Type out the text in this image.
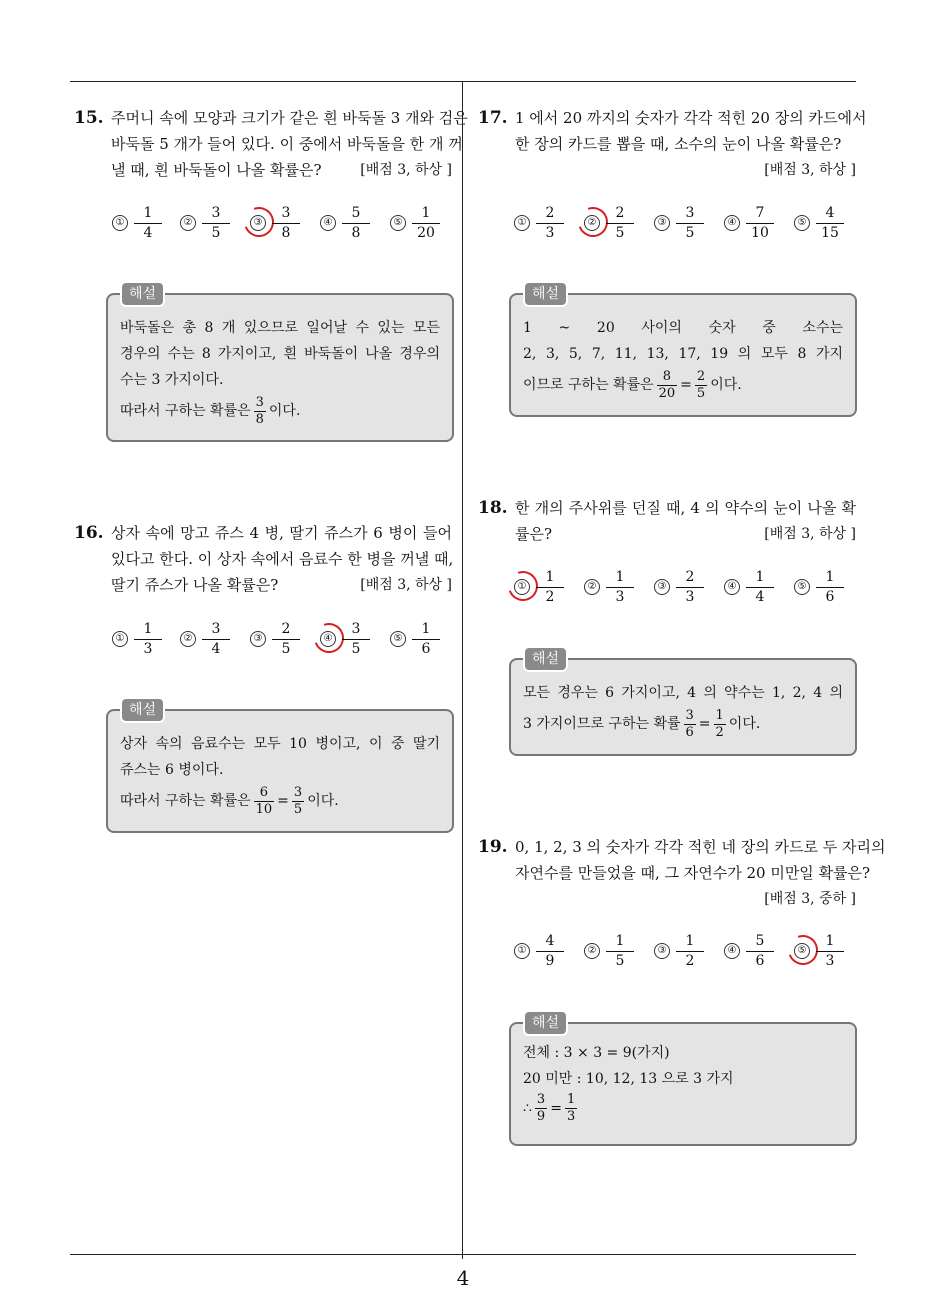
15. 주머니 속에 모양과 크기가 같은 흰 바둑돌 3 개와 검은
바둑돌 5 개가 들어 있다. 이 중에서 바둑돌을 한 개 꺼
낼 때, 흰 바둑돌이 나올 확률은?	[배점 3, 하상 ]
① $\frac{1}{4}$	② $\frac{3}{5}$	③ $\frac{3}{8}$	④ $\frac{5}{8}$	⑤ $\frac{1}{20}$
해설
바둑돌은 총 8 개 있으므로 일어날 수 있는 모든
경우의 수는 8 가지이고, 흰 바둑돌이 나올 경우의
수는 3 가지이다.
따라서 구하는 확률은 $\frac{3}{8}$ 이다.
16. 상자 속에 망고 쥬스 4 병, 딸기 쥬스가 6 병이 들어
있다고 한다. 이 상자 속에서 음료수 한 병을 꺼낼 때,
딸기 쥬스가 나올 확률은?	[배점 3, 하상 ]
① $\frac{1}{3}$	② $\frac{3}{4}$	③ $\frac{2}{5}$	④ $\frac{3}{5}$	⑤ $\frac{1}{6}$
해설
상자 속의 음료수는 모두 10 병이고, 이 중 딸기
쥬스는 6 병이다.
따라서 구하는 확률은 $\frac{6}{10} = \frac{3}{5}$ 이다.
17. 1 에서 20 까지의 숫자가 각각 적힌 20 장의 카드에서
한 장의 카드를 뽑을 때, 소수의 눈이 나올 확률은?
[배점 3, 하상 ]
① $\frac{2}{3}$	② $\frac{2}{5}$	③ $\frac{3}{5}$	④ $\frac{7}{10}$	⑤ $\frac{4}{15}$
해설
1 ~ 20 사이의 숫자 중 소수는
2, 3, 5, 7, 11, 13, 17, 19 의 모두 8 가지
이므로 구하는 확률은 $\frac{8}{20} = \frac{2}{5}$ 이다.
18. 한 개의 주사위를 던질 때, 4 의 약수의 눈이 나올 확
률은?	[배점 3, 하상 ]
① $\frac{1}{2}$	② $\frac{1}{3}$	③ $\frac{2}{3}$	④ $\frac{1}{4}$	⑤ $\frac{1}{6}$
해설
모든 경우는 6 가지이고, 4 의 약수는 1, 2, 4 의
3 가지이므로 구하는 확률 $\frac{3}{6} = \frac{1}{2}$ 이다.
19. 0, 1, 2, 3 의 숫자가 각각 적힌 네 장의 카드로 두 자리의
자연수를 만들었을 때, 그 자연수가 20 미만일 확률은?
[배점 3, 중하 ]
① $\frac{4}{9}$	② $\frac{1}{5}$	③ $\frac{1}{2}$	④ $\frac{5}{6}$	⑤ $\frac{1}{3}$
해설
전체 : 3 × 3 = 9(가지)
20 미만 : 10, 12, 13 으로 3 가지
∴ $\frac{3}{9} = \frac{1}{3}$
4
